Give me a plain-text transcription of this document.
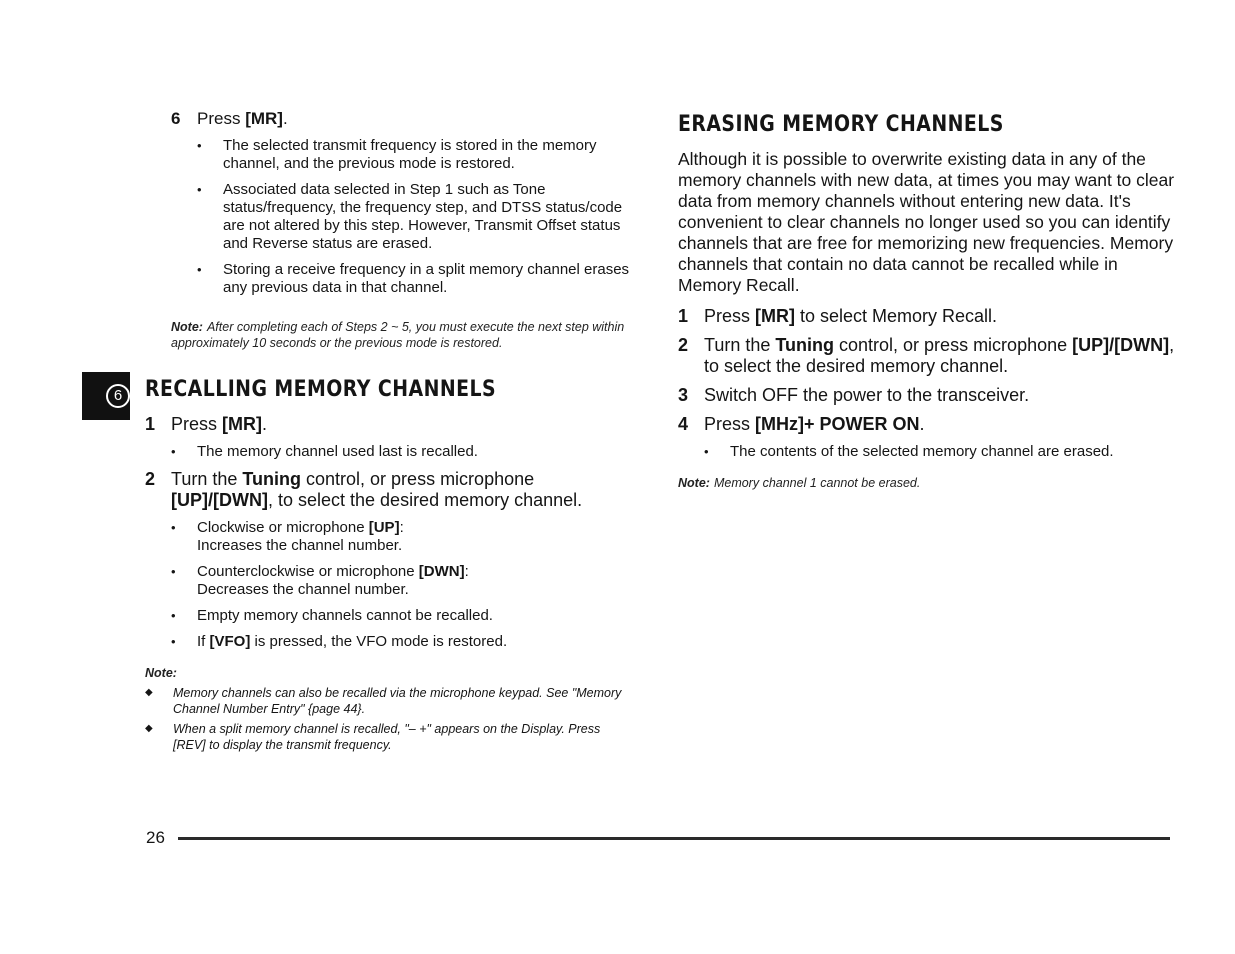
6
6 Press [MR].
• The selected transmit frequency is stored in the memory channel, and the previous mode is restored.
• Associated data selected in Step 1 such as Tone status/frequency, the frequency step, and DTSS status/code are not altered by this step. However, Transmit Offset status and Reverse status are erased.
• Storing a receive frequency in a split memory channel erases any previous data in that channel.
Note: After completing each of Steps 2 ~ 5, you must execute the next step within approximately 10 seconds or the previous mode is restored.
RECALLING MEMORY CHANNELS
1 Press [MR].
• The memory channel used last is recalled.
2 Turn the Tuning control, or press microphone [UP]/[DWN], to select the desired memory channel.
• Clockwise or microphone [UP]:
Increases the channel number.
• Counterclockwise or microphone [DWN]:
Decreases the channel number.
• Empty memory channels cannot be recalled.
• If [VFO] is pressed, the VFO mode is restored.
Note:
◆ Memory channels can also be recalled via the microphone keypad. See "Memory Channel Number Entry" {page 44}.
◆ When a split memory channel is recalled, "– +" appears on the Display. Press [REV] to display the transmit frequency.
ERASING MEMORY CHANNELS
Although it is possible to overwrite existing data in any of the memory channels with new data, at times you may want to clear data from memory channels without entering new data. It's convenient to clear channels no longer used so you can identify channels that are free for memorizing new frequencies. Memory channels that contain no data cannot be recalled while in Memory Recall.
1 Press [MR] to select Memory Recall.
2 Turn the Tuning control, or press microphone [UP]/[DWN], to select the desired memory channel.
3 Switch OFF the power to the transceiver.
4 Press [MHz]+ POWER ON.
• The contents of the selected memory channel are erased.
Note: Memory channel 1 cannot be erased.
26
